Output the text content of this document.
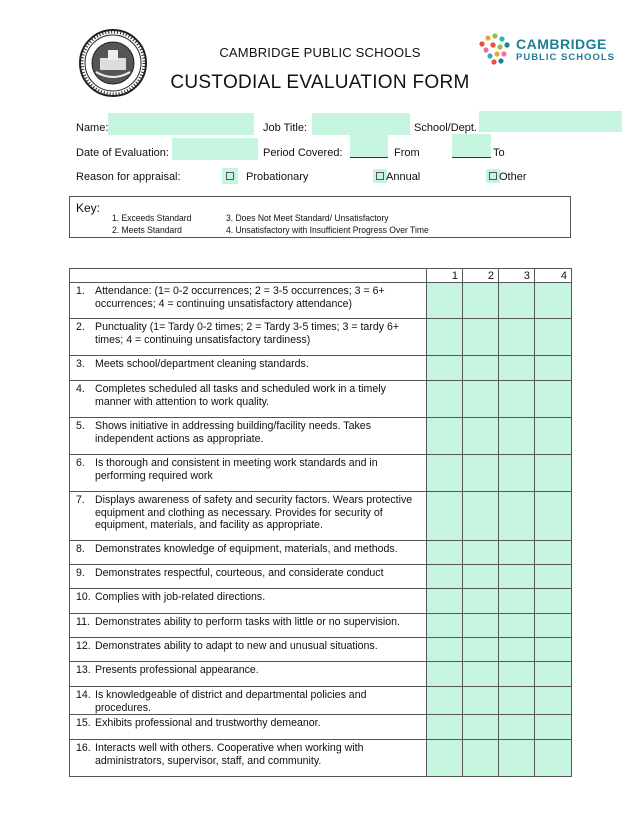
CAMBRIDGE PUBLIC SCHOOLS
CUSTODIAL EVALUATION FORM
CAMBRIDGE
PUBLIC SCHOOLS
Name:	Job Title:	School/Dept.
Date of Evaluation:	Period Covered:	From	To
Reason for appraisal:	Probationary	Annual	Other
Key:
1. Exceeds Standard
2. Meets Standard
3. Does Not Meet Standard/ Unsatisfactory
4. Unsatisfactory with Insufficient Progress Over Time
	1	2	3	4
1. Attendance: (1= 0-2 occurrences; 2 = 3-5 occurrences; 3 = 6+ occurrences; 4 = continuing unsatisfactory attendance)				
2. Punctuality (1= Tardy 0-2 times; 2 = Tardy 3-5 times; 3 = tardy 6+ times; 4 = continuing unsatisfactory tardiness)				
3. Meets school/department cleaning standards.				
4. Completes scheduled all tasks and scheduled work in a timely manner with attention to work quality.				
5. Shows initiative in addressing building/facility needs. Takes independent actions as appropriate.				
6. Is thorough and consistent in meeting work standards and in performing required work				
7. Displays awareness of safety and security factors. Wears protective equipment and clothing as necessary. Provides for security of equipment, materials, and facility as appropriate.				
8. Demonstrates knowledge of equipment, materials, and methods.				
9. Demonstrates respectful, courteous, and considerate conduct				
10. Complies with job-related directions.				
11. Demonstrates ability to perform tasks with little or no supervision.				
12. Demonstrates ability to adapt to new and unusual situations.				
13. Presents professional appearance.				
14. Is knowledgeable of district and departmental policies and procedures.				
15. Exhibits professional and trustworthy demeanor.				
16. Interacts well with others. Cooperative when working with administrators, supervisor, staff, and community.				
